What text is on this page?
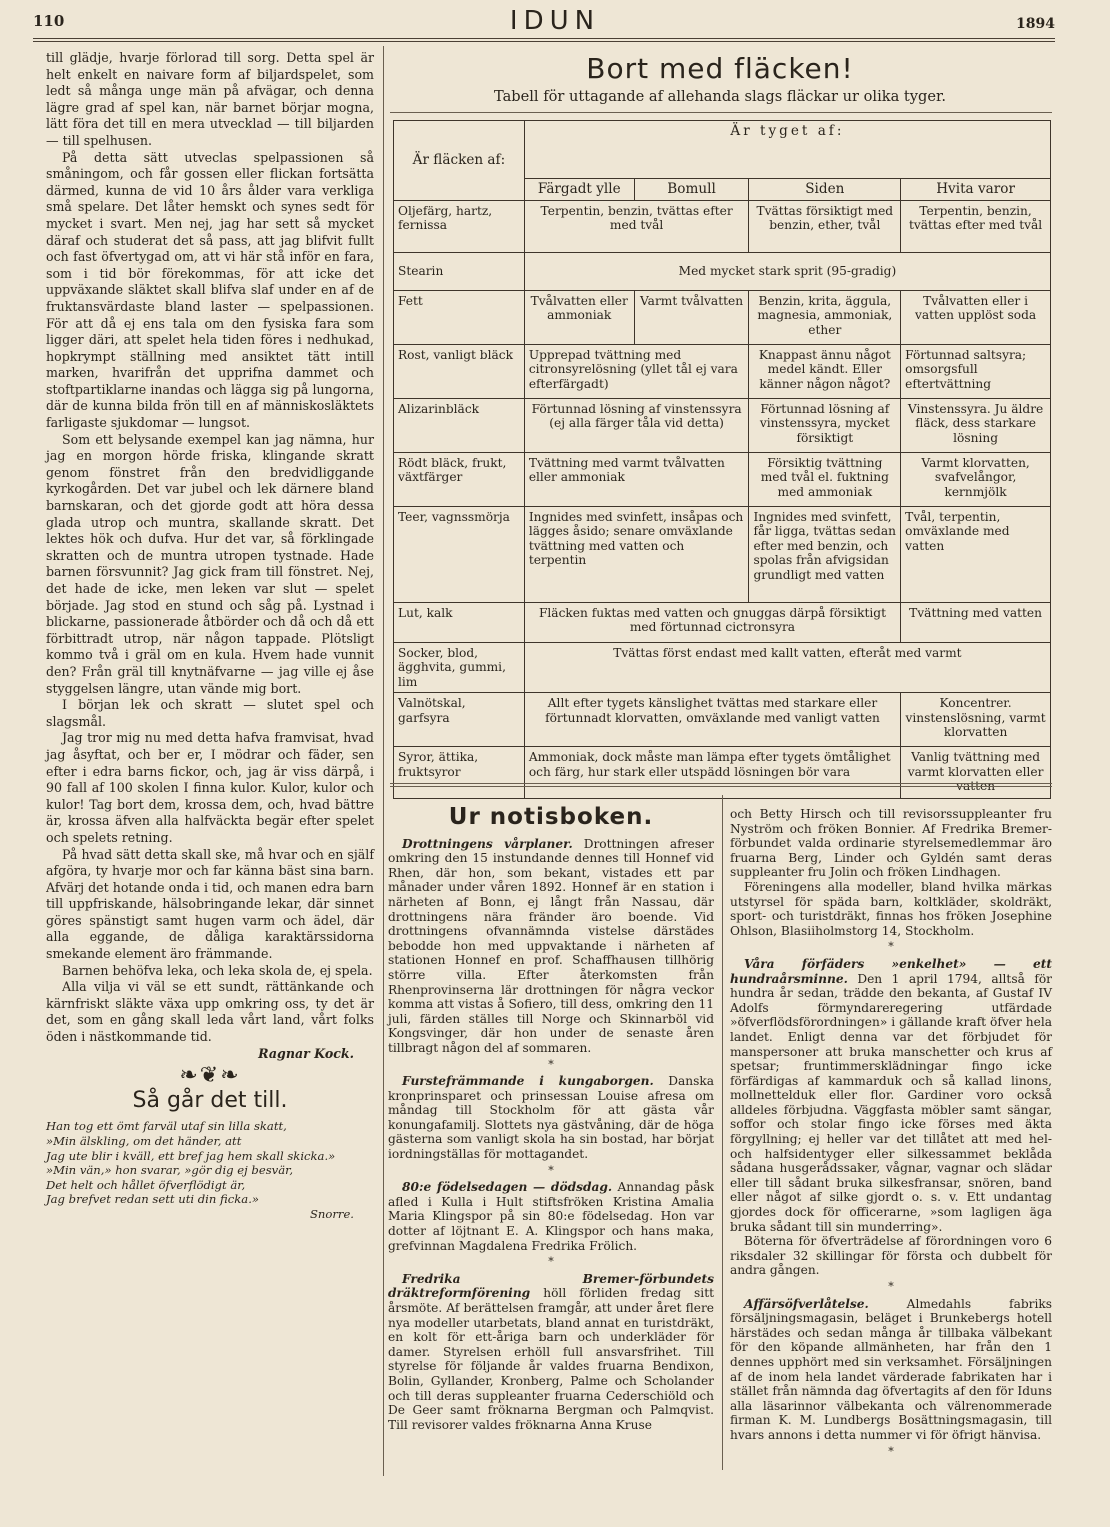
110	IDUN	1894

till glädje, hvarje förlorad till sorg. Detta spel är helt enkelt en naivare form af biljardspelet, som ledt så många unge män på afvägar, och denna lägre grad af spel kan, när barnet börjar mogna, lätt föra det till en mera utvecklad — till biljarden — till spelhusen.

På detta sätt utveclas spelpassionen så småningom, och får gossen eller flickan fortsätta därmed, kunna de vid 10 års ålder vara verkliga små spelare. Det låter hemskt och synes sedt för mycket i svart. Men nej, jag har sett så mycket däraf och studerat det så pass, att jag blifvit fullt och fast öfvertygad om, att vi här stå inför en fara, som i tid bör förekommas, för att icke det uppväxande släktet skall blifva slaf under en af de fruktansvärdaste bland laster — spelpassionen. För att då ej ens tala om den fysiska fara som ligger däri, att spelet hela tiden föres i nedhukad, hopkrympt ställning med ansiktet tätt intill marken, hvarifrån det upprifna dammet och stoftpartiklarne inandas och lägga sig på lungorna, där de kunna bilda frön till en af människosläktets farligaste sjukdomar — lungsot.

Som ett belysande exempel kan jag nämna, hur jag en morgon hörde friska, klingande skratt genom fönstret från den bredvidliggande kyrkogården. Det var jubel och lek därnere bland barnskaran, och det gjorde godt att höra dessa glada utrop och muntra, skallande skratt. Det lektes hök och dufva. Hur det var, så förklingade skratten och de muntra utropen tystnade. Hade barnen försvunnit? Jag gick fram till fönstret. Nej, det hade de icke, men leken var slut — spelet började. Jag stod en stund och såg på. Lystnad i blickarne, passionerade åtbörder och då och då ett förbittradt utrop, när någon tappade. Plötsligt kommo två i gräl om en kula. Hvem hade vunnit den? Från gräl till knytnäfvarne — jag ville ej åse styggelsen längre, utan vände mig bort.

I början lek och skratt — slutet spel och slagsmål.

Jag tror mig nu med detta hafva framvisat, hvad jag åsyftat, och ber er, I mödrar och fäder, sen efter i edra barns fickor, och, jag är viss därpå, i 90 fall af 100 skolen I finna kulor. Kulor, kulor och kulor! Tag bort dem, krossa dem, och, hvad bättre är, krossa äfven alla halfväckta begär efter spelet och spelets retning.

På hvad sätt detta skall ske, må hvar och en själf afgöra, ty hvarje mor och far känna bäst sina barn. Afvärj det hotande onda i tid, och manen edra barn till uppfriskande, hälsobringande lekar, där sinnet göres spänstigt samt hugen varm och ädel, där alla eggande, de dåliga karaktärssidorna smekande element äro främmande.

Barnen behöfva leka, och leka skola de, ej spela.

Alla vilja vi väl se ett sundt, rättänkande och kärnfriskt släkte växa upp omkring oss, ty det är det, som en gång skall leda vårt land, vårt folks öden i nästkommande tid.

Ragnar Kock.
❧❦❧
Så går det till.
Han tog ett ömt farväl utaf sin lilla skatt,
»Min älskling, om det händer, att
Jag ute blir i kväll, ett bref jag hem skall skicka.»
»Min vän,» hon svarar, »gör dig ej besvär,
Det helt och hållet öfverflödigt är,
Jag brefvet redan sett uti din ficka.»
Snorre.
Bort med fläcken!
Tabell för uttagande af allehanda slags fläckar ur olika tyger.
Är fläcken af:	Är tyget af:			
	Färgadt ylle	Bomull	Siden	Hvita varor
Oljefärg, hartz, fernissa	Terpentin, benzin, tvättas efter med tvål		Tvättas försiktigt med benzin, ether, tvål	Terpentin, benzin, tvättas efter med tvål
Stearin	Med mycket stark sprit (95-gradig)			
Fett	Tvålvatten eller ammoniak	Varmt tvålvatten	Benzin, krita, äggula, magnesia, ammoniak, ether	Tvålvatten eller i vatten upplöst soda
Rost, vanligt bläck	Upprepad tvättning med citronsyrelösning (yllet tål ej vara efterfärgadt)		Knappast ännu något medel kändt. Eller känner någon något?	Förtunnad saltsyra; omsorgsfull eftertvättning
Alizarinbläck	Förtunnad lösning af vinstenssyra (ej alla färger tåla vid detta)		Förtunnad lösning af vinstenssyra, mycket försiktigt	Vinstenssyra. Ju äldre fläck, dess starkare lösning
Rödt bläck, frukt, växtfärger	Tvättning med varmt tvålvatten eller ammoniak		Försiktig tvättning med tvål el. fuktning med ammoniak	Varmt klorvatten, svafvelångor, kernmjölk
Teer, vagnssmörja	Ingnides med svinfett, insåpas och lägges åsido; senare omväxlande tvättning med vatten och terpentin		Ingnides med svinfett, får ligga, tvättas sedan efter med benzin, och spolas från afvigsidan grundligt med vatten	Tvål, terpentin, omväxlande med vatten
Lut, kalk	Fläcken fuktas med vatten och gnuggas därpå försiktigt med förtunnad cictronsyra			Tvättning med vatten
Socker, blod, ägghvita, gummi, lim	Tvättas först endast med kallt vatten, efteråt med varmt			
Valnötskal, garfsyra	Allt efter tygets känslighet tvättas med starkare eller förtunnadt klorvatten, omväxlande med vanligt vatten			Koncentrer. vinstenslösning, varmt klorvatten
Syror, ättika, fruktsyror	Ammoniak, dock måste man lämpa efter tygets ömtålighet och färg, hur stark eller utspädd lösningen bör vara			Vanlig tvättning med varmt klorvatten eller vatten
Ur notisboken.

Drottningens vårplaner. Drottningen afreser omkring den 15 instundande dennes till Honnef vid Rhen, där hon, som bekant, vistades ett par månader under våren 1892. Honnef är en station i närheten af Bonn, ej långt från Nassau, där drottningens nära fränder äro boende. Vid drottningens ofvannämnda vistelse därstädes bebodde hon med uppvaktande i närheten af stationen Honnef en prof. Schaffhausen tillhörig större villa. Efter återkomsten från Rhenprovinserna lär drottningen för några veckor komma att vistas å Sofiero, till dess, omkring den 11 juli, färden ställes till Norge och Skinnarböl vid Kongsvinger, där hon under de senaste åren tillbragt någon del af sommaren.

*

Furstefrämmande i kungaborgen. Danska kronprinsparet och prinsessan Louise afresa om måndag till Stockholm för att gästa vår konungafamilj. Slottets nya gästvåning, där de höga gästerna som vanligt skola ha sin bostad, har börjat iordningställas för mottagandet.

*

80:e födelsedagen — dödsdag. Annandag påsk afled i Kulla i Hult stiftsfröken Kristina Amalia Maria Klingspor på sin 80:e födelsedag. Hon var dotter af löjtnant E. A. Klingspor och hans maka, grefvinnan Magdalena Fredrika Frölich.

*

Fredrika Bremer-förbundets dräktreformförening höll förliden fredag sitt årsmöte. Af berättelsen framgår, att under året flere nya modeller utarbetats, bland annat en turistdräkt, en kolt för ett-åriga barn och underkläder för damer. Styrelsen erhöll full ansvarsfrihet. Till styrelse för följande år valdes fruarna Bendixon, Bolin, Gyllander, Kronberg, Palme och Scholander och till deras suppleanter fruarna Cederschiöld och De Geer samt fröknarna Bergman och Palmqvist. Till revisorer valdes fröknarna Anna Kruse

och Betty Hirsch och till revisorssuppleanter fru Nyström och fröken Bonnier. Af Fredrika Bremer-förbundet valda ordinarie styrelsemedlemmar äro fruarna Berg, Linder och Gyldén samt deras suppleanter fru Jolin och fröken Lindhagen.

Föreningens alla modeller, bland hvilka märkas utstyrsel för späda barn, koltkläder, skoldräkt, sport- och turistdräkt, finnas hos fröken Josephine Ohlson, Blasiiholmstorg 14, Stockholm.

*

Våra förfäders »enkelhet» — ett hundraårsminne. Den 1 april 1794, alltså för hundra år sedan, trädde den bekanta, af Gustaf IV Adolfs förmyndareregering utfärdade »öfverflödsförordningen» i gällande kraft öfver hela landet. Enligt denna var det förbjudet för manspersoner att bruka manschetter och krus af spetsar; fruntimmersklädningar fingo icke förfärdigas af kammarduk och så kallad linons, mollnettelduk eller flor. Gardiner voro också alldeles förbjudna. Väggfasta möbler samt sängar, soffor och stolar fingo icke förses med äkta förgyllning; ej heller var det tillåtet att med hel- och halfsidentyger eller silkessammet beklåda sådana husgerådssaker, vågnar, vagnar och slädar eller till sådant bruka silkesfransar, snören, band eller något af silke gjordt o. s. v. Ett undantag gjordes dock för officerarne, »som lagligen äga bruka sådant till sin munderring».

Böterna för öfverträdelse af förordningen voro 6 riksdaler 32 skillingar för första och dubbelt för andra gången.

*

Affärsöfverlåtelse.	Almedahls fabriks försäljningsmagasin, beläget i Brunkebergs hotell härstädes och sedan många år tillbaka välbekant för den köpande allmänheten, har från den 1 dennes upphört med sin verksamhet. Försäljningen af de inom hela landet värderade fabrikaten har i stället från nämnda dag öfvertagits af den för Iduns alla läsarinnor välbekanta och välrenommerade firman K. M. Lundbergs Bosättningsmagasin, till hvars annons i detta nummer vi för öfrigt hänvisa.

*
